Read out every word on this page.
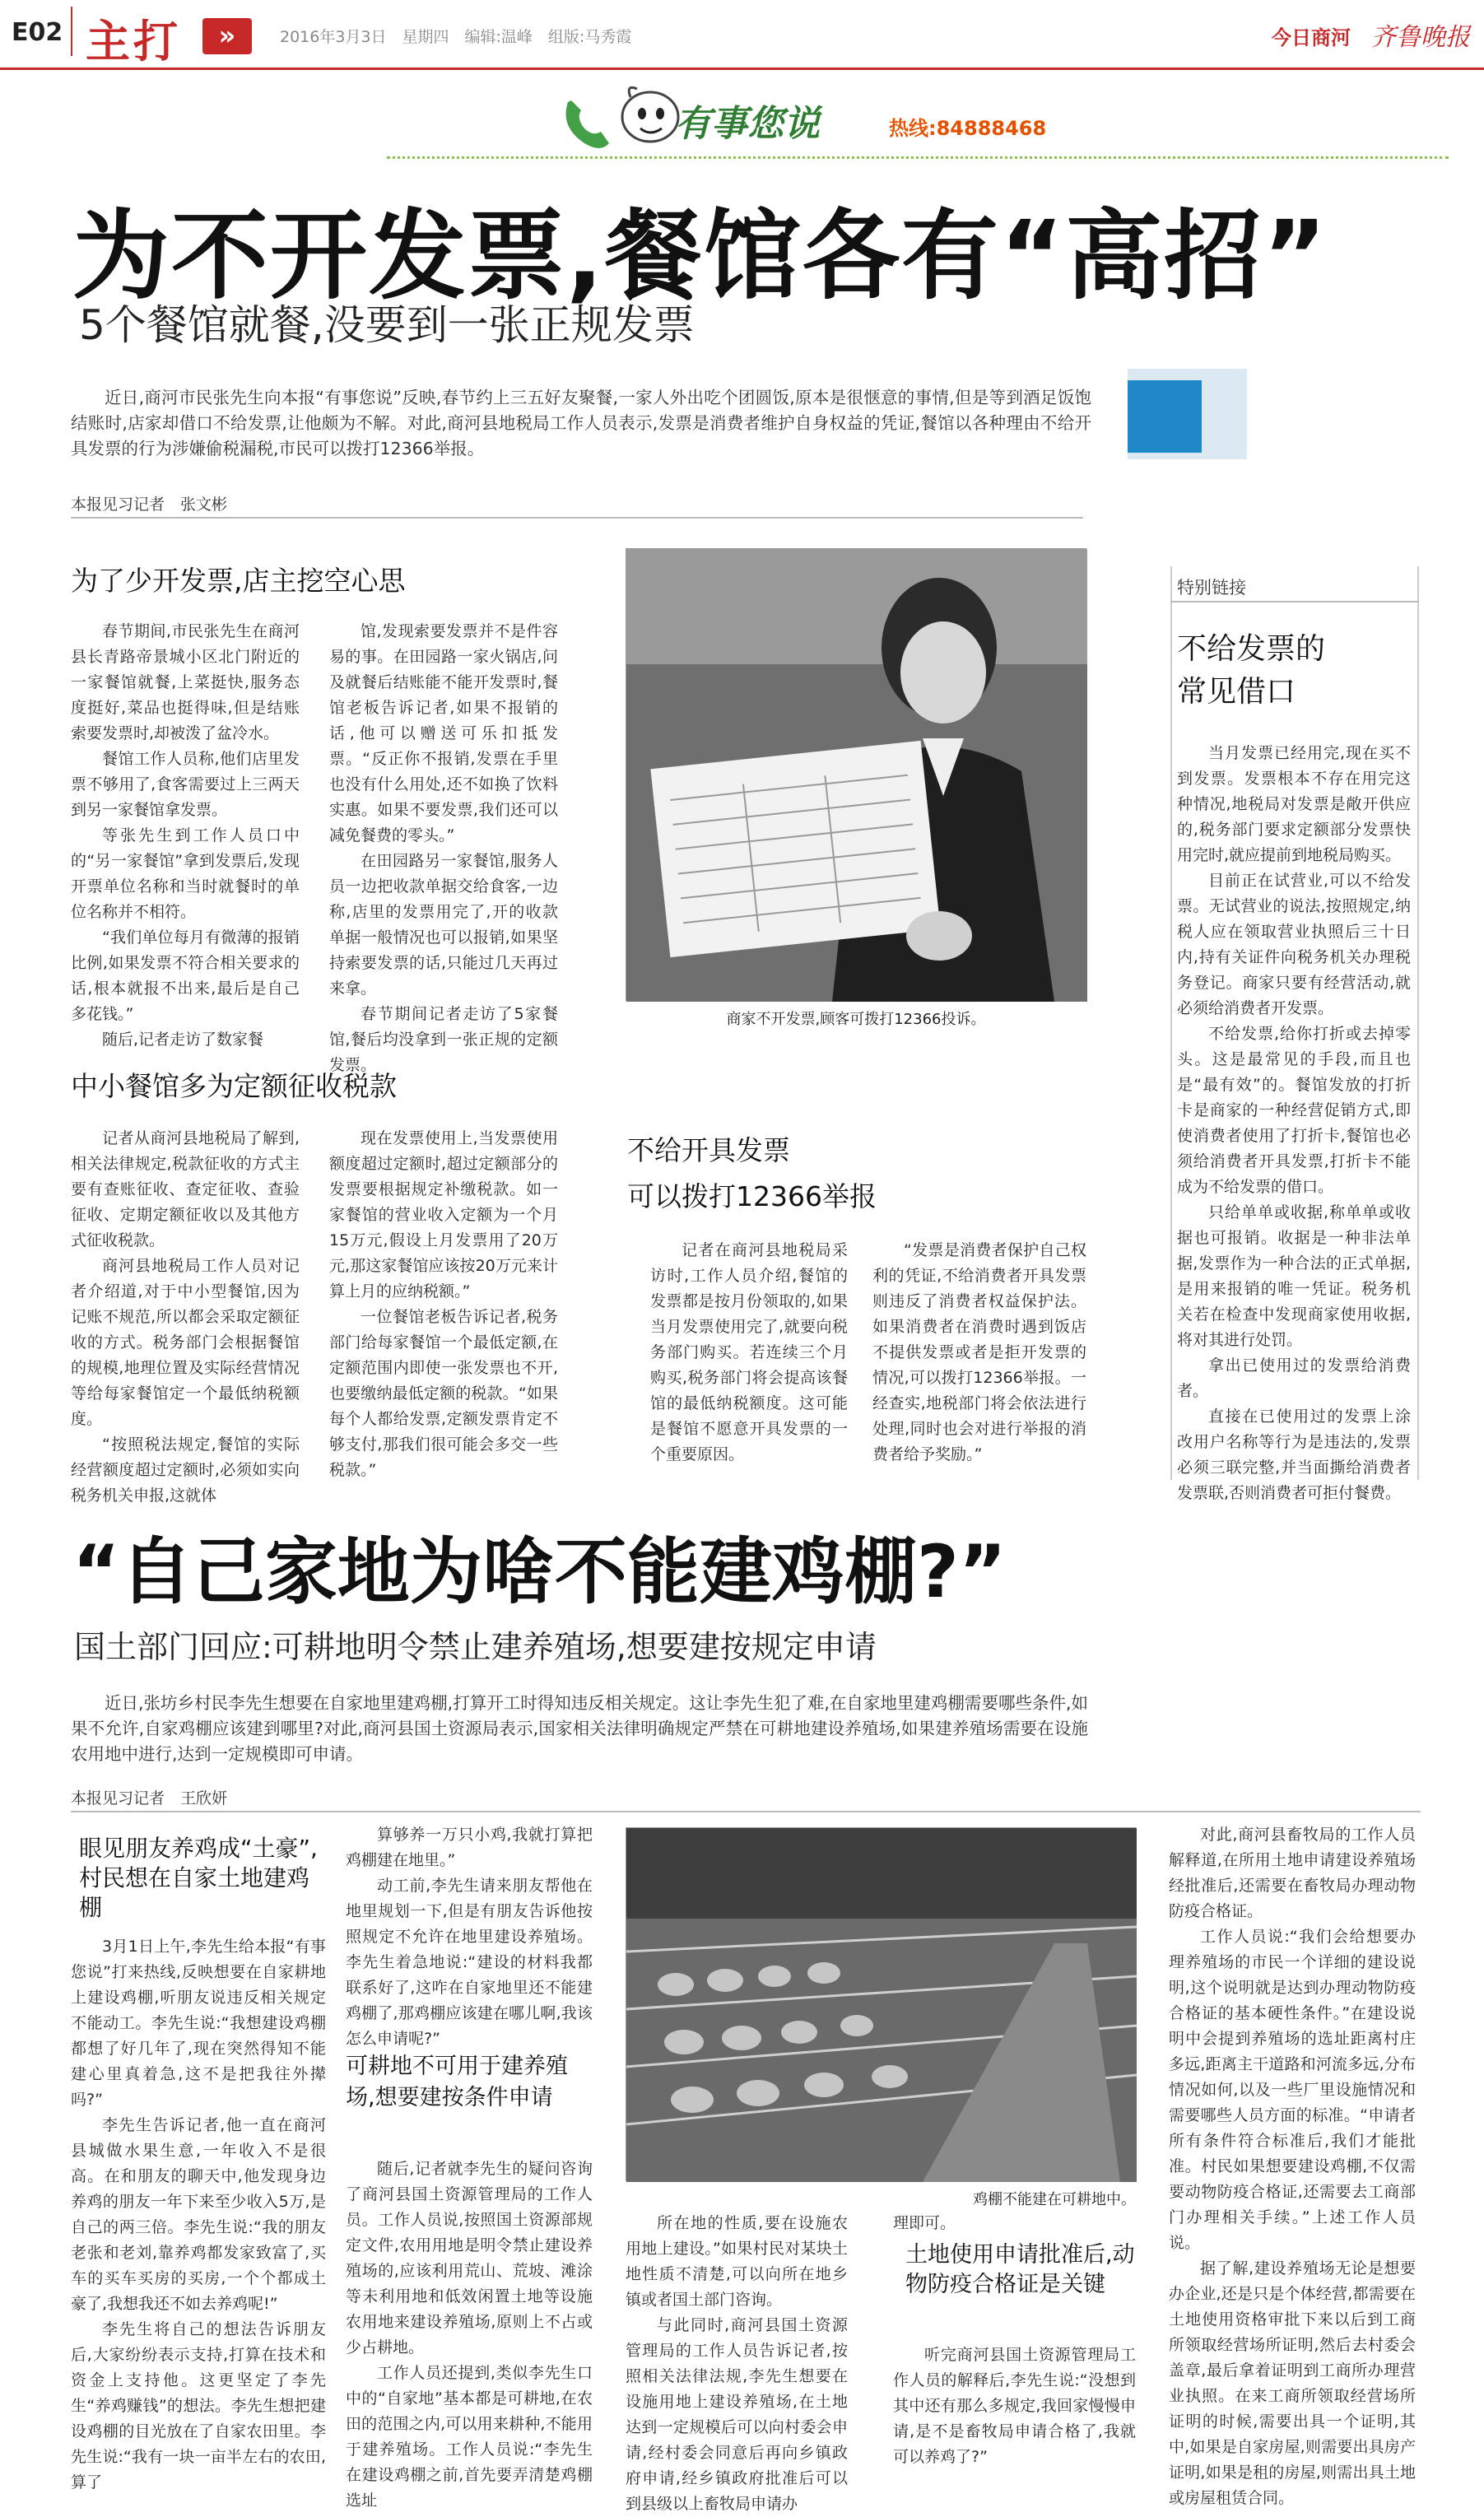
E02 主打	»	2016年3月3日　星期四　编辑:温峰　组版:马秀霞	今日商河 齐鲁晚报
有事您说	热线:84888468
为不开发票,餐馆各有“高招”
5个餐馆就餐,没要到一张正规发票
近日,商河市民张先生向本报“有事您说”反映,春节约上三五好友聚餐,一家人外出吃个团圆饭,原本是很惬意的事情,但是等到酒足饭饱结账时,店家却借口不给发票,让他颇为不解。对此,商河县地税局工作人员表示,发票是消费者维护自身权益的凭证,餐馆以各种理由不给开具发票的行为涉嫌偷税漏税,市民可以拨打12366举报。
本报见习记者　张文彬
为了少开发票,店主挖空心思

春节期间,市民张先生在商河县长青路帝景城小区北门附近的一家餐馆就餐,上菜挺快,服务态度挺好,菜品也挺得味,但是结账索要发票时,却被泼了盆冷水。

餐馆工作人员称,他们店里发票不够用了,食客需要过上三两天到另一家餐馆拿发票。

等张先生到工作人员口中的“另一家餐馆”拿到发票后,发现开票单位名称和当时就餐时的单位名称并不相符。

“我们单位每月有微薄的报销比例,如果发票不符合相关要求的话,根本就报不出来,最后是自己多花钱。”

随后,记者走访了数家餐

馆,发现索要发票并不是件容易的事。在田园路一家火锅店,问及就餐后结账能不能开发票时,餐馆老板告诉记者,如果不报销的话,他可以赠送可乐扣抵发票。“反正你不报销,发票在手里也没有什么用处,还不如换了饮料实惠。如果不要发票,我们还可以减免餐费的零头。”

在田园路另一家餐馆,服务人员一边把收款单据交给食客,一边称,店里的发票用完了,开的收款单据一般情况也可以报销,如果坚持索要发票的话,只能过几天再过来拿。

春节期间记者走访了5家餐馆,餐后均没拿到一张正规的定额发票。

商家不开发票,顾客可拨打12366投诉。
中小餐馆多为定额征收税款

记者从商河县地税局了解到,相关法律规定,税款征收的方式主要有查账征收、查定征收、查验征收、定期定额征收以及其他方式征收税款。

商河县地税局工作人员对记者介绍道,对于中小型餐馆,因为记账不规范,所以都会采取定额征收的方式。税务部门会根据餐馆的规模,地理位置及实际经营情况等给每家餐馆定一个最低纳税额度。

“按照税法规定,餐馆的实际经营额度超过定额时,必须如实向税务机关申报,这就体

现在发票使用上,当发票使用额度超过定额时,超过定额部分的发票要根据规定补缴税款。如一家餐馆的营业收入定额为一个月15万元,假设上月发票用了20万元,那这家餐馆应该按20万元来计算上月的应纳税额。”

一位餐馆老板告诉记者,税务部门给每家餐馆一个最低定额,在定额范围内即使一张发票也不开,也要缴纳最低定额的税款。“如果每个人都给发票,定额发票肯定不够支付,那我们很可能会多交一些税款。”

不给开具发票
可以拨打12366举报

记者在商河县地税局采访时,工作人员介绍,餐馆的发票都是按月份领取的,如果当月发票使用完了,就要向税务部门购买。若连续三个月购买,税务部门将会提高该餐馆的最低纳税额度。这可能是餐馆不愿意开具发票的一个重要原因。

“发票是消费者保护自己权利的凭证,不给消费者开具发票则违反了消费者权益保护法。如果消费者在消费时遇到饭店不提供发票或者是拒开发票的情况,可以拨打12366举报。一经查实,地税部门将会依法进行处理,同时也会对进行举报的消费者给予奖励。”

特别链接
不给发票的
常见借口

当月发票已经用完,现在买不到发票。发票根本不存在用完这种情况,地税局对发票是敞开供应的,税务部门要求定额部分发票快用完时,就应提前到地税局购买。

目前正在试营业,可以不给发票。无试营业的说法,按照规定,纳税人应在领取营业执照后三十日内,持有关证件向税务机关办理税务登记。商家只要有经营活动,就必须给消费者开发票。

不给发票,给你打折或去掉零头。这是最常见的手段,而且也是“最有效”的。餐馆发放的打折卡是商家的一种经营促销方式,即使消费者使用了打折卡,餐馆也必须给消费者开具发票,打折卡不能成为不给发票的借口。

只给单单或收据,称单单或收据也可报销。收据是一种非法单据,发票作为一种合法的正式单据,是用来报销的唯一凭证。税务机关若在检查中发现商家使用收据,将对其进行处罚。

拿出已使用过的发票给消费者。

直接在已使用过的发票上涂改用户名称等行为是违法的,发票必须三联完整,并当面撕给消费者发票联,否则消费者可拒付餐费。

“自己家地为啥不能建鸡棚?”
国土部门回应:可耕地明令禁止建养殖场,想要建按规定申请
近日,张坊乡村民李先生想要在自家地里建鸡棚,打算开工时得知违反相关规定。这让李先生犯了难,在自家地里建鸡棚需要哪些条件,如果不允许,自家鸡棚应该建到哪里?对此,商河县国土资源局表示,国家相关法律明确规定严禁在可耕地建设养殖场,如果建养殖场需要在设施农用地中进行,达到一定规模即可申请。
本报见习记者　王欣妍
眼见朋友养鸡成“土豪”,村民想在自家土地建鸡棚

3月1日上午,李先生给本报“有事您说”打来热线,反映想要在自家耕地上建设鸡棚,听朋友说违反相关规定不能动工。李先生说:“我想建设鸡棚都想了好几年了,现在突然得知不能建心里真着急,这不是把我往外撵吗?”

李先生告诉记者,他一直在商河县城做水果生意,一年收入不是很高。在和朋友的聊天中,他发现身边养鸡的朋友一年下来至少收入5万,是自己的两三倍。李先生说:“我的朋友老张和老刘,靠养鸡都发家致富了,买车的买车买房的买房,一个个都成土豪了,我想我还不如去养鸡呢!”

李先生将自己的想法告诉朋友后,大家纷纷表示支持,打算在技术和资金上支持他。这更坚定了李先生“养鸡赚钱”的想法。李先生想把建设鸡棚的目光放在了自家农田里。李先生说:“我有一块一亩半左右的农田,算了

算够养一万只小鸡,我就打算把鸡棚建在地里。”

动工前,李先生请来朋友帮他在地里规划一下,但是有朋友告诉他按照规定不允许在地里建设养殖场。李先生着急地说:“建设的材料我都联系好了,这咋在自家地里还不能建鸡棚了,那鸡棚应该建在哪儿啊,我该怎么申请呢?”

可耕地不可用于建养殖场,想要建按条件申请

随后,记者就李先生的疑问咨询了商河县国土资源管理局的工作人员。工作人员说,按照国土资源部规定文件,农用用地是明令禁止建设养殖场的,应该利用荒山、荒坡、滩涂等未利用地和低效闲置土地等设施农用地来建设养殖场,原则上不占或少占耕地。

工作人员还提到,类似李先生口中的“自家地”基本都是可耕地,在农田的范围之内,可以用来耕种,不能用于建养殖场。工作人员说:“李先生在建设鸡棚之前,首先要弄清楚鸡棚选址

鸡棚不能建在可耕地中。

所在地的性质,要在设施农用地上建设。”如果村民对某块土地性质不清楚,可以向所在地乡镇或者国土部门咨询。

与此同时,商河县国土资源管理局的工作人员告诉记者,按照相关法律法规,李先生想要在设施用地上建设养殖场,在土地达到一定规模后可以向村委会申请,经村委会同意后再向乡镇政府申请,经乡镇政府批准后可以到县级以上畜牧局申请办

理即可。

土地使用申请批准后,动物防疫合格证是关键

听完商河县国土资源管理局工作人员的解释后,李先生说:“没想到其中还有那么多规定,我回家慢慢申请,是不是畜牧局申请合格了,我就可以养鸡了?”

对此,商河县畜牧局的工作人员解释道,在所用土地申请建设养殖场经批准后,还需要在畜牧局办理动物防疫合格证。

工作人员说:“我们会给想要办理养殖场的市民一个详细的建设说明,这个说明就是达到办理动物防疫合格证的基本硬性条件。”在建设说明中会提到养殖场的选址距离村庄多远,距离主干道路和河流多远,分布情况如何,以及一些厂里设施情况和需要哪些人员方面的标准。“申请者所有条件符合标准后,我们才能批准。村民如果想要建设鸡棚,不仅需要动物防疫合格证,还需要去工商部门办理相关手续。”上述工作人员说。

据了解,建设养殖场无论是想要办企业,还是只是个体经营,都需要在土地使用资格审批下来以后到工商所领取经营场所证明,然后去村委会盖章,最后拿着证明到工商所办理营业执照。在来工商所领取经营场所证明的时候,需要出具一个证明,其中,如果是自家房屋,则需要出具房产证明,如果是租的房屋,则需出具土地或房屋租赁合同。
